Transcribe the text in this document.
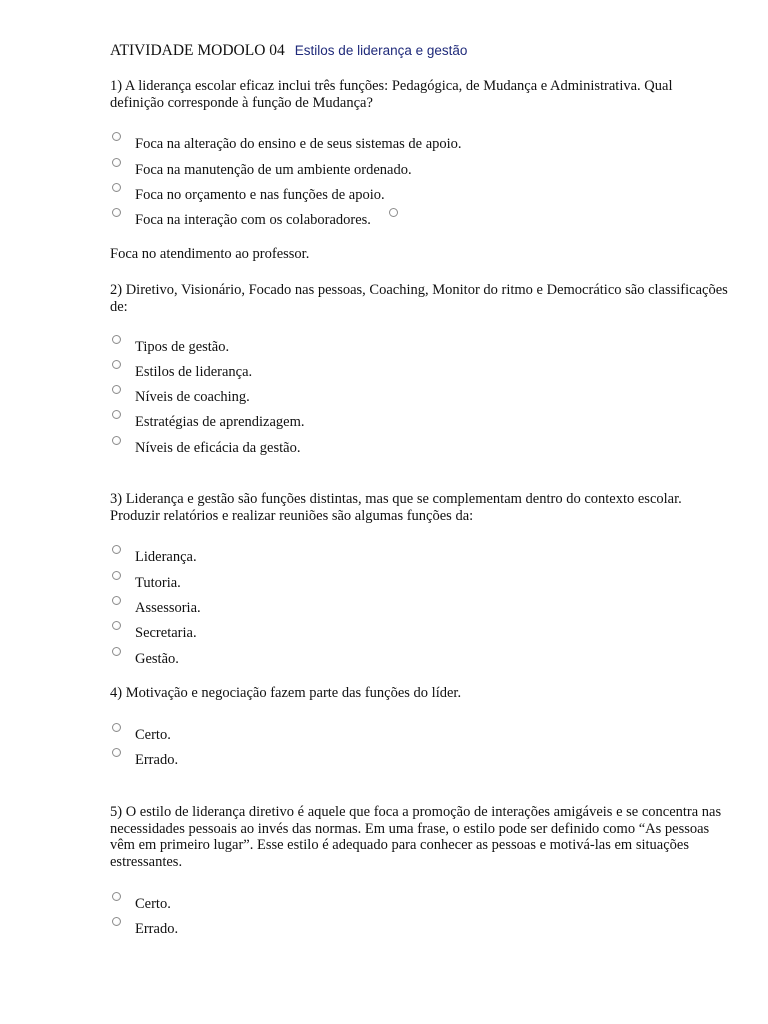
ATIVIDADE MODOLO 04 Estilos de liderança e gestão
1) A liderança escolar eficaz inclui três funções: Pedagógica, de Mudança e Administrativa. Qual definição corresponde à função de Mudança?
Foca na alteração do ensino e de seus sistemas de apoio.
Foca na manutenção de um ambiente ordenado.
Foca no orçamento e nas funções de apoio.
Foca na interação com os colaboradores.
Foca no atendimento ao professor.
2) Diretivo, Visionário, Focado nas pessoas, Coaching, Monitor do ritmo e Democrático são classificações de:
Tipos de gestão.
Estilos de liderança.
Níveis de coaching.
Estratégias de aprendizagem.
Níveis de eficácia da gestão.
3) Liderança e gestão são funções distintas, mas que se complementam dentro do contexto escolar. Produzir relatórios e realizar reuniões são algumas funções da:
Liderança.
Tutoria.
Assessoria.
Secretaria.
Gestão.
4) Motivação e negociação fazem parte das funções do líder.
Certo.
Errado.
5) O estilo de liderança diretivo é aquele que foca a promoção de interações amigáveis e se concentra nas necessidades pessoais ao invés das normas. Em uma frase, o estilo pode ser definido como “As pessoas vêm em primeiro lugar”. Esse estilo é adequado para conhecer as pessoas e motivá-las em situações estressantes.
Certo.
Errado.
